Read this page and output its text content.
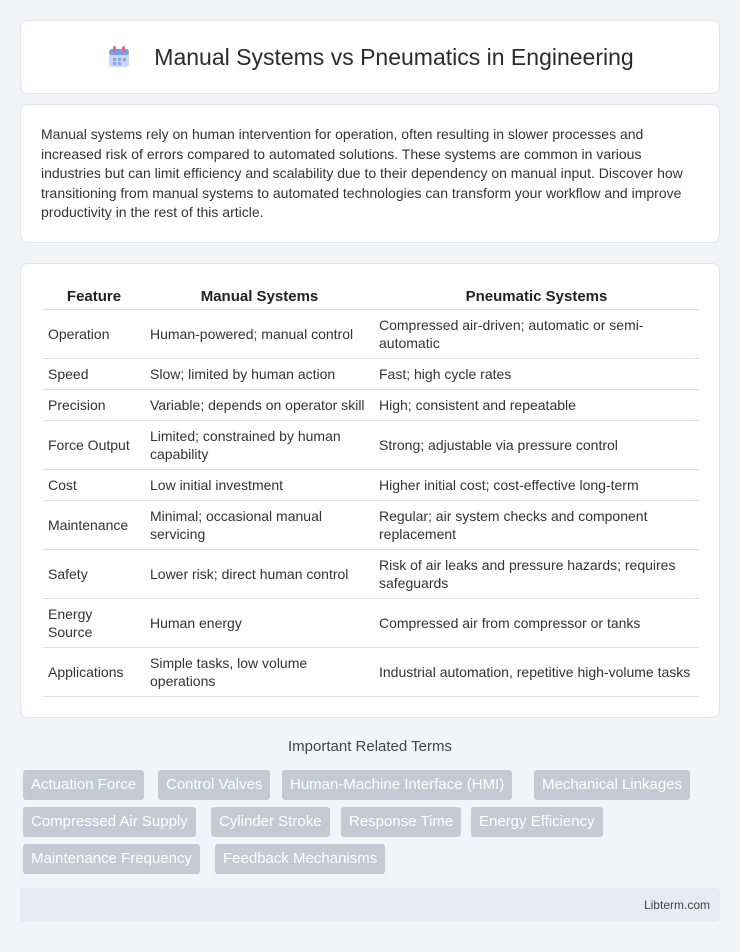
Manual Systems vs Pneumatics in Engineering

Manual systems rely on human intervention for operation, often resulting in slower processes and increased risk of errors compared to automated solutions. These systems are common in various industries but can limit efficiency and scalability due to their dependency on manual input. Discover how transitioning from manual systems to automated technologies can transform your workflow and improve productivity in the rest of this article.

Feature	Manual Systems	Pneumatic Systems
Operation	Human-powered; manual control	Compressed air-driven; automatic or semi-automatic
Speed	Slow; limited by human action	Fast; high cycle rates
Precision	Variable; depends on operator skill	High; consistent and repeatable
Force Output	Limited; constrained by human capability	Strong; adjustable via pressure control
Cost	Low initial investment	Higher initial cost; cost-effective long-term
Maintenance	Minimal; occasional manual servicing	Regular; air system checks and component replacement
Safety	Lower risk; direct human control	Risk of air leaks and pressure hazards; requires safeguards
Energy Source	Human energy	Compressed air from compressor or tanks
Applications	Simple tasks, low volume operations	Industrial automation, repetitive high-volume tasks
Important Related Terms
Actuation Force	Control Valves	Human-Machine Interface (HMI)	Mechanical Linkages
Compressed Air Supply	Cylinder Stroke	Response Time	Energy Efficiency
Maintenance Frequency	Feedback Mechanisms
Libterm.com
